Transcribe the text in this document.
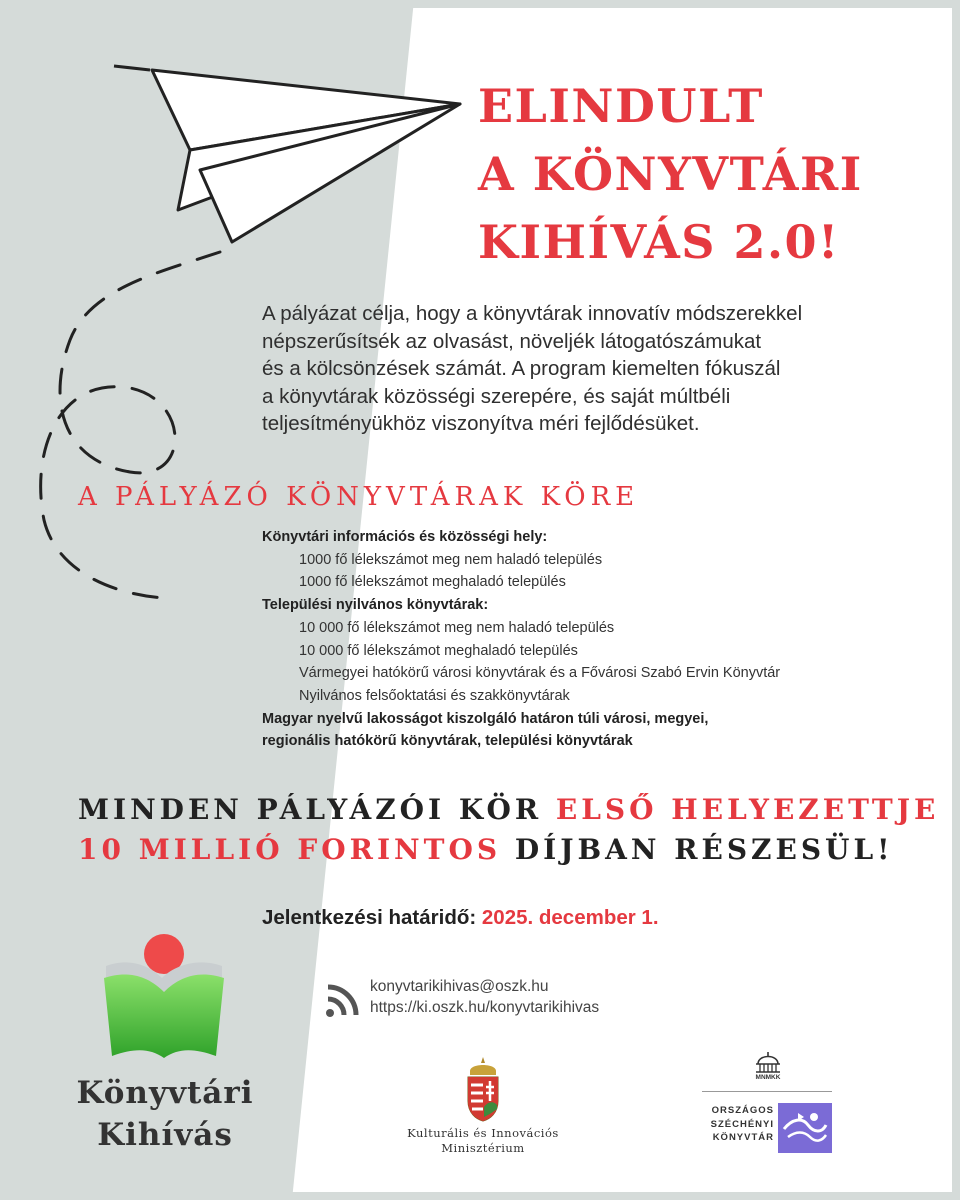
ELINDULT
A KÖNYVTÁRI
KIHÍVÁS 2.0!

A pályázat célja, hogy a könyvtárak innovatív módszerekkel
népszerűsítsék az olvasást, növeljék látogatószámukat
és a kölcsönzések számát. A program kiemelten fókuszál
a könyvtárak közösségi szerepére, és saját múltbéli
teljesítményükhöz viszonyítva méri fejlődésüket.

A PÁLYÁZÓ KÖNYVTÁRAK KÖRE
Könyvtári információs és közösségi hely:
1000 fő lélekszámot meg nem haladó település
1000 fő lélekszámot meghaladó település
Települési nyilvános könyvtárak:
10 000 fő lélekszámot meg nem haladó település
10 000 fő lélekszámot meghaladó település
Vármegyei hatókörű városi könyvtárak és a Fővárosi Szabó Ervin Könyvtár
Nyilvános felsőoktatási és szakkönyvtárak
Magyar nyelvű lakosságot kiszolgáló határon túli városi, megyei,
regionális hatókörű könyvtárak, települési könyvtárak

MINDEN PÁLYÁZÓI KÖR ELSŐ HELYEZETTJE
10 MILLIÓ FORINTOS DÍJBAN RÉSZESÜL!

Jelentkezési határidő: 2025. december 1.
Könyvtári
Kihívás
konyvtarikihivas@oszk.hu
https://ki.oszk.hu/konyvtarikihivas

Kulturális és Innovációs
Minisztérium

MNMKK

ORSZÁGOS
SZÉCHÉNYI
KÖNYVTÁR
